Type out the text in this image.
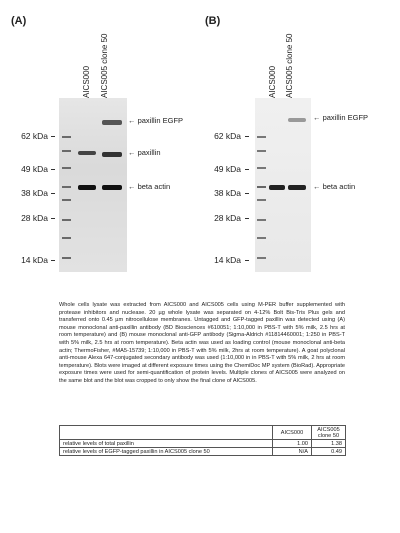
(A)
AICS000 AICS005 clone 50
62 kDa
49 kDa
38 kDa
28 kDa
14 kDa
← paxillin EGFP
← paxillin
← beta actin
(B)
AICS000 AICS005 clone 50
62 kDa
49 kDa
38 kDa
28 kDa
14 kDa
← paxillin EGFP
← beta actin
Whole cells lysate was extracted from AICS000 and AICS005 cells using M-PER buffer supplemented with protease inhibitors and nuclease. 20 µg whole lysate was separated on 4-12% Bolt Bis-Tris Plus gels and transferred onto 0.45 µm nitrocellulose membranes. Untagged and GFP-tagged paxillin was detected using (A) mouse monoclonal anti-paxillin antibody (BD Biosciences #610051; 1:10,000 in PBS-T with 5% milk, 2.5 hrs at room temperature) and (B) mouse monoclonal anti-GFP antibody (Sigma-Aldrich #11814460001; 1:250 in PBS-T with 5% milk, 2.5 hrs at room temperature). Beta actin was used as loading control (mouse monoclonal anti-beta actin; ThermoFisher, #MA5-15739; 1:10,000 in PBS-T with 5% milk, 2hrs at room temperature). A goat polyclonal anti-mouse Alexa 647-conjugated secondary antibody was used (1:10,000 in in PBS-T with 5% milk, 2 hrs at room temperature). Blots were imaged at different exposure times using the ChemiDoc MP system (BioRad). Appropriate exposure times were used for semi-quantification of protein levels. Multiple clones of AICS005 were analyzed on the same blot and the blot was cropped to only show the final clone of AICS005.
	AICS000	AICS005 clone 50
relative levels of total paxillin	1.00	1.38
relative levels of EGFP-tagged paxillin in AICS005 clone 50	N/A	0.49
